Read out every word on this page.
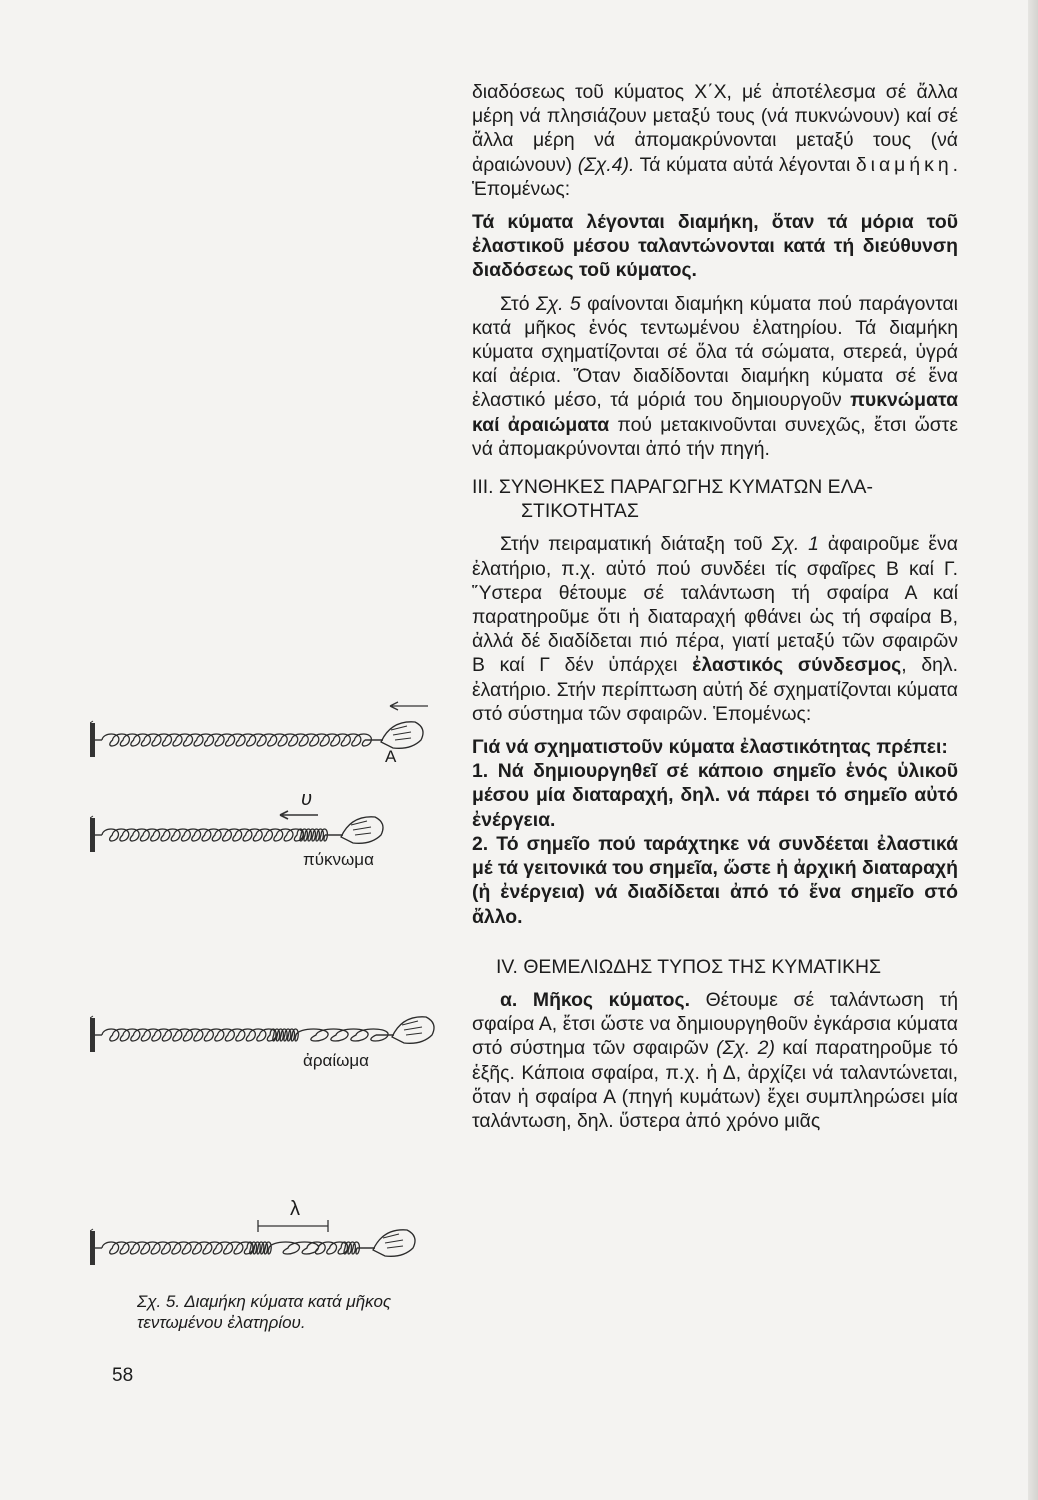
Α
υ
πύκνωμα
ἀραίωμα
λ
Σχ. 5. Διαμήκη κύματα κατά μῆκος τεντωμένου ἐλατηρίου.

διαδόσεως τοῦ κύματος Χ΄Χ, μέ ἀποτέλεσμα σέ ἄλλα μέρη νά πλησιάζουν μεταξύ τους (νά πυκνώνουν) καί σέ ἄλλα μέρη νά ἀπομακρύνονται μεταξύ τους (νά ἀραιώνουν) (Σχ.4). Τά κύματα αὐτά λέγονται διαμήκη. Ἑπομένως:

Τά κύματα λέγονται διαμήκη, ὅταν τά μόρια τοῦ ἐλαστικοῦ μέσου ταλαντώνονται κατά τή διεύθυνση διαδόσεως τοῦ κύματος.

Στό Σχ. 5 φαίνονται διαμήκη κύματα πού παράγονται κατά μῆκος ἑνός τεντωμένου ἐλατηρίου. Τά διαμήκη κύματα σχηματίζονται σέ ὅλα τά σώματα, στερεά, ὑγρά καί ἀέρια. Ὅταν διαδίδονται διαμήκη κύματα σέ ἕνα ἐλαστικό μέσο, τά μόριά του δημιουργοῦν πυκνώματα καί ἀραιώματα πού μετακινοῦνται συνεχῶς, ἔτσι ὥστε νά ἀπομακρύνονται ἀπό τήν πηγή.

ΙΙΙ. ΣΥΝΘΗΚΕΣ ΠΑΡΑΓΩΓΗΣ ΚΥΜΑΤΩΝ ΕΛΑ-
ΣΤΙΚΟΤΗΤΑΣ

Στήν πειραματική διάταξη τοῦ Σχ. 1 ἀφαιροῦμε ἕνα ἐλατήριο, π.χ. αὐτό πού συνδέει τίς σφαῖρες Β καί Γ. Ὕστερα θέτουμε σέ ταλάντωση τή σφαίρα Α καί παρατηροῦμε ὅτι ἡ διαταραχή φθάνει ὡς τή σφαίρα Β, ἀλλά δέ διαδίδεται πιό πέρα, γιατί μεταξύ τῶν σφαιρῶν Β καί Γ δέν ὑπάρχει ἐλαστικός σύνδεσμος, δηλ. ἐλατήριο. Στήν περίπτωση αὐτή δέ σχηματίζονται κύματα στό σύστημα τῶν σφαιρῶν. Ἑπομένως:

Γιά νά σχηματιστοῦν κύματα ἐλαστικότητας πρέπει:

1. Νά δημιουργηθεῖ σέ κάποιο σημεῖο ἑνός ὑλικοῦ μέσου μία διαταραχή, δηλ. νά πάρει τό σημεῖο αὐτό ἐνέργεια.

2. Τό σημεῖο πού ταράχτηκε νά συνδέεται ἐλαστικά μέ τά γειτονικά του σημεῖα, ὥστε ἡ ἀρχική διαταραχή (ἡ ἐνέργεια) νά διαδίδεται ἀπό τό ἕνα σημεῖο στό ἄλλο.

IV. ΘΕΜΕΛΙΩΔΗΣ ΤΥΠΟΣ ΤΗΣ ΚΥΜΑΤΙΚΗΣ

α. Μῆκος κύματος. Θέτουμε σέ ταλάντωση τή σφαίρα Α, ἔτσι ὥστε να δημιουργηθοῦν ἐγκάρσια κύματα στό σύστημα τῶν σφαιρῶν (Σχ. 2) καί παρατηροῦμε τό ἑξῆς. Κάποια σφαίρα, π.χ. ἡ Δ, ἀρχίζει νά ταλαντώνεται, ὅταν ἡ σφαίρα Α (πηγή κυμάτων) ἔχει συμπληρώσει μία ταλάντωση, δηλ. ὕστερα ἀπό χρόνο μιᾶς

58
